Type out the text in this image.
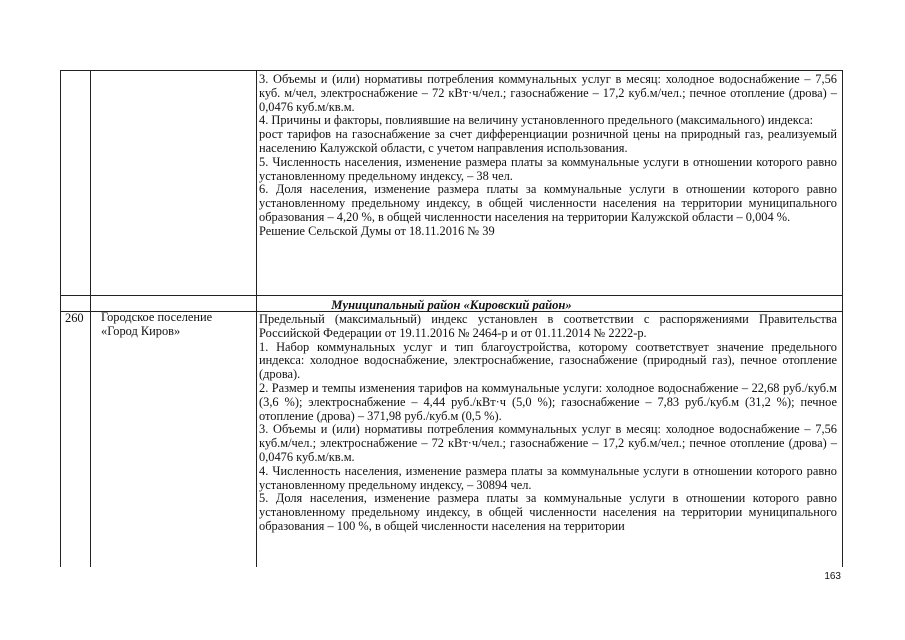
3. Объемы и (или) нормативы потребления коммунальных услуг в месяц: холодное водоснабжение – 7,56 куб. м/чел, электроснабжение – 72 кВт·ч/чел.; газоснабжение – 17,2 куб.м/чел.; печное отопление (дрова) – 0,0476 куб.м/кв.м.

4. Причины и факторы, повлиявшие на величину установленного предельного (максимального) индекса:

рост тарифов на газоснабжение за счет дифференциации розничной цены на природный газ, реализуемый населению Калужской области, с учетом направления использования.

5. Численность населения, изменение размера платы за коммунальные услуги в отношении которого равно установленному предельному индексу, – 38 чел.

6. Доля населения, изменение размера платы за коммунальные услуги в отношении которого равно установленному предельному индексу, в общей численности населения на территории муниципального образования – 4,20 %, в общей численности населения на территории Калужской области – 0,004 %.

Решение Сельской Думы от 18.11.2016 № 39

Муниципальный район «Кировский район»
260 Городское поселение «Город Киров»

Предельный (максимальный) индекс установлен в соответствии с распоряжениями Правительства Российской Федерации от 19.11.2016 № 2464-р и от 01.11.2014 № 2222-р.

1. Набор коммунальных услуг и тип благоустройства, которому соответствует значение предельного индекса: холодное водоснабжение, электроснабжение, газоснабжение (природный газ), печное отопление (дрова).

2. Размер и темпы изменения тарифов на коммунальные услуги: холодное водоснабжение – 22,68 руб./куб.м (3,6 %); электроснабжение – 4,44 руб./кВт·ч (5,0 %); газоснабжение – 7,83 руб./куб.м (31,2 %); печное отопление (дрова) – 371,98 руб./куб.м (0,5 %).

3. Объемы и (или) нормативы потребления коммунальных услуг в месяц: холодное водоснабжение – 7,56 куб.м/чел.; электроснабжение – 72 кВт·ч/чел.; газоснабжение – 17,2 куб.м/чел.; печное отопление (дрова) – 0,0476 куб.м/кв.м.

4. Численность населения, изменение размера платы за коммунальные услуги в отношении которого равно установленному предельному индексу, – 30894 чел.

5. Доля населения, изменение размера платы за коммунальные услуги в отношении которого равно установленному предельному индексу, в общей численности населения на территории муниципального образования – 100 %, в общей численности населения на территории

163
